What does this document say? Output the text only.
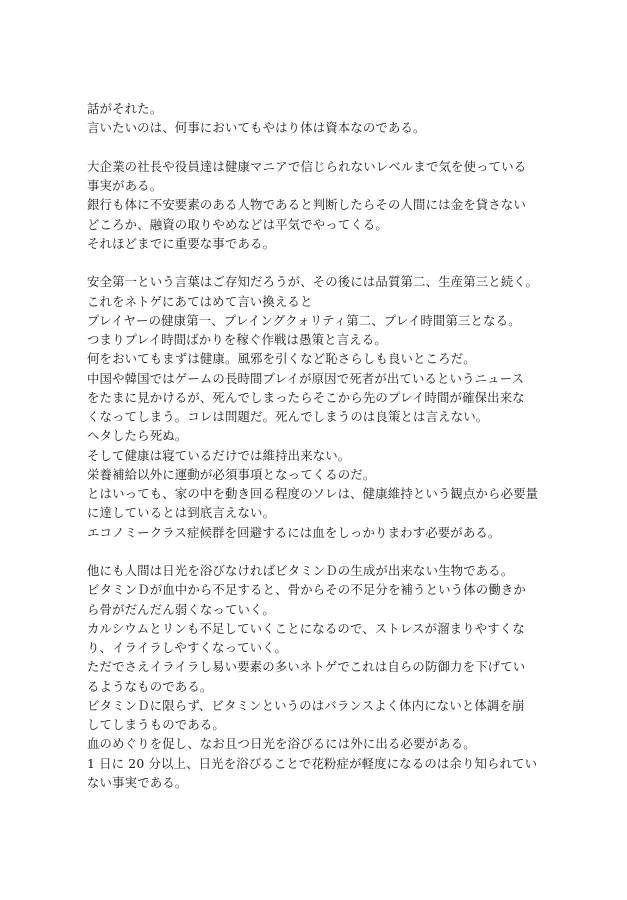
話がそれた。
言いたいのは、何事においてもやはり体は資本なのである。
大企業の社長や役員達は健康マニアで信じられないレベルまで気を使っている
事実がある。
銀行も体に不安要素のある人物であると判断したらその人間には金を貸さない
どころか、融資の取りやめなどは平気でやってくる。
それほどまでに重要な事である。
安全第一という言葉はご存知だろうが、その後には品質第二、生産第三と続く。
これをネトゲにあてはめて言い換えると
プレイヤーの健康第一、プレイングクォリティ第二、プレイ時間第三となる。
つまりプレイ時間ばかりを稼ぐ作戦は愚策と言える。
何をおいてもまずは健康。風邪を引くなど恥さらしも良いところだ。
中国や韓国ではゲームの長時間プレイが原因で死者が出ているというニュース
をたまに見かけるが、死んでしまったらそこから先のプレイ時間が確保出来な
くなってしまう。コレは問題だ。死んでしまうのは良策とは言えない。
ヘタしたら死ぬ。
そして健康は寝ているだけでは維持出来ない。
栄養補給以外に運動が必須事項となってくるのだ。
とはいっても、家の中を動き回る程度のソレは、健康維持という観点から必要量
に達しているとは到底言えない。
エコノミークラス症候群を回避するには血をしっかりまわす必要がある。
他にも人間は日光を浴びなければビタミンＤの生成が出来ない生物である。
ビタミンＤが血中から不足すると、骨からその不足分を補うという体の働きか
ら骨がだんだん弱くなっていく。
カルシウムとリンも不足していくことになるので、ストレスが溜まりやすくな
り、イライラしやすくなっていく。
ただでさえイライラし易い要素の多いネトゲでこれは自らの防御力を下げてい
るようなものである。
ビタミンＤに限らず、ビタミンというのはバランスよく体内にないと体調を崩
してしまうものである。
血のめぐりを促し、なお且つ日光を浴びるには外に出る必要がある。
1 日に 20 分以上、日光を浴びることで花粉症が軽度になるのは余り知られてい
ない事実である。
